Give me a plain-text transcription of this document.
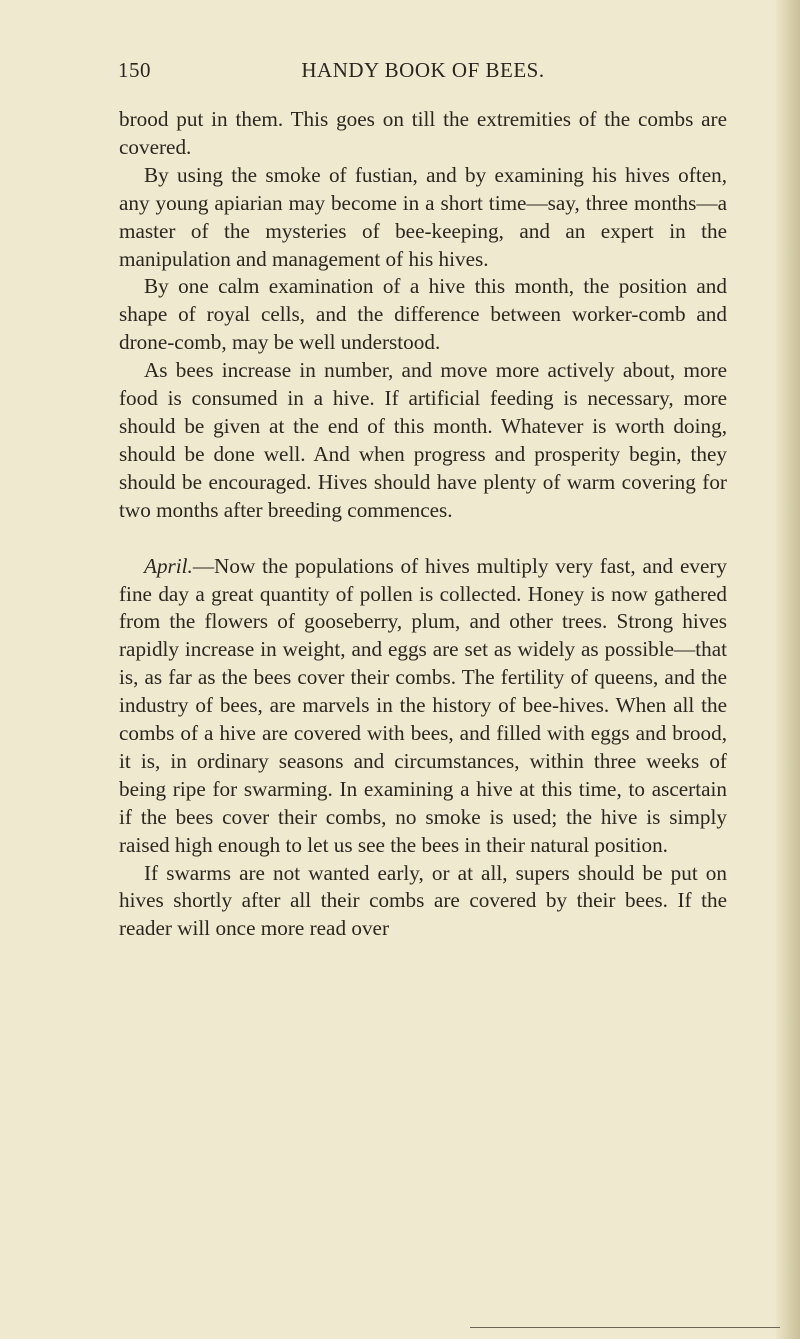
150	HANDY BOOK OF BEES.

brood put in them. This goes on till the extremities of the combs are covered.

By using the smoke of fustian, and by examining his hives often, any young apiarian may become in a short time—say, three months—a master of the mysteries of bee-keeping, and an expert in the manipulation and management of his hives.

By one calm examination of a hive this month, the position and shape of royal cells, and the difference between worker-comb and drone-comb, may be well understood.

As bees increase in number, and move more actively about, more food is consumed in a hive. If artificial feeding is necessary, more should be given at the end of this month. Whatever is worth doing, should be done well. And when progress and prosperity begin, they should be encouraged. Hives should have plenty of warm covering for two months after breeding commences.

April.—Now the populations of hives multiply very fast, and every fine day a great quantity of pollen is collected. Honey is now gathered from the flowers of gooseberry, plum, and other trees. Strong hives rapidly increase in weight, and eggs are set as widely as possible—that is, as far as the bees cover their combs. The fertility of queens, and the industry of bees, are marvels in the history of bee-hives. When all the combs of a hive are covered with bees, and filled with eggs and brood, it is, in ordinary seasons and circumstances, within three weeks of being ripe for swarming. In examining a hive at this time, to ascertain if the bees cover their combs, no smoke is used; the hive is simply raised high enough to let us see the bees in their natural position.

If swarms are not wanted early, or at all, supers should be put on hives shortly after all their combs are covered by their bees. If the reader will once more read over
